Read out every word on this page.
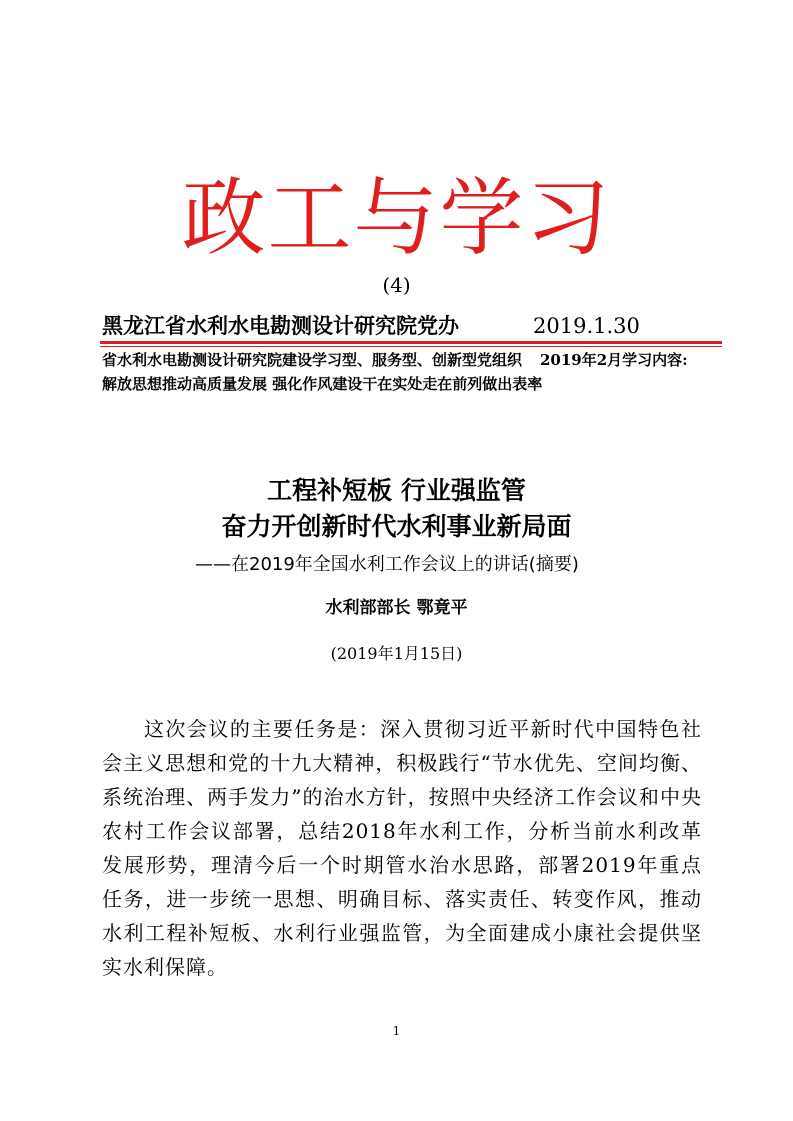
政工与学习
(4)
黑龙江省水利水电勘测设计研究院党办	2019.1.30
省水利水电勘测设计研究院建设学习型、服务型、创新型党组织 2019年2月学习内容:
解放思想推动高质量发展 强化作风建设干在实处走在前列做出表率
工程补短板 行业强监管
奋力开创新时代水利事业新局面
——在2019年全国水利工作会议上的讲话(摘要)
水利部部长 鄂竟平
(2019年1月15日)
这次会议的主要任务是：深入贯彻习近平新时代中国特色社会主义思想和党的十九大精神，积极践行“节水优先、空间均衡、系统治理、两手发力”的治水方针，按照中央经济工作会议和中央农村工作会议部署，总结2018年水利工作，分析当前水利改革发展形势，理清今后一个时期管水治水思路，部署2019年重点任务，进一步统一思想、明确目标、落实责任、转变作风，推动水利工程补短板、水利行业强监管，为全面建成小康社会提供坚实水利保障。
1
